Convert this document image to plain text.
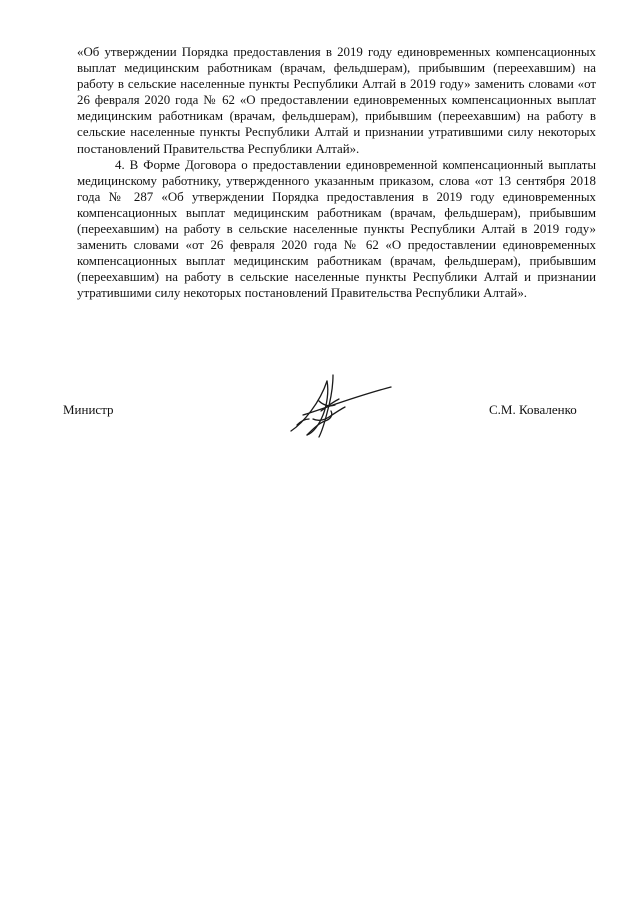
«Об утверждении Порядка предоставления в 2019 году единовременных компенсационных выплат медицинским работникам (врачам, фельдшерам), прибывшим (переехавшим) на работу в сельские населенные пункты Республики Алтай в 2019 году» заменить словами «от 26 февраля 2020 года № 62 «О предоставлении единовременных компенсационных выплат медицинским работникам (врачам, фельдшерам), прибывшим (переехавшим) на работу в сельские населенные пункты Республики Алтай и признании утратившими силу некоторых постановлений Правительства Республики Алтай».

4. В Форме Договора о предоставлении единовременной компенсационный выплаты медицинскому работнику, утвержденного указанным приказом, слова «от 13 сентября 2018 года № 287 «Об утверждении Порядка предоставления в 2019 году единовременных компенсационных выплат медицинским работникам (врачам, фельдшерам), прибывшим (переехавшим) на работу в сельские населенные пункты Республики Алтай в 2019 году» заменить словами «от 26 февраля 2020 года № 62 «О предоставлении единовременных компенсационных выплат медицинским работникам (врачам, фельдшерам), прибывшим (переехавшим) на работу в сельские населенные пункты Республики Алтай и признании утратившими силу некоторых постановлений Правительства Республики Алтай».

Министр	С.М. Коваленко
